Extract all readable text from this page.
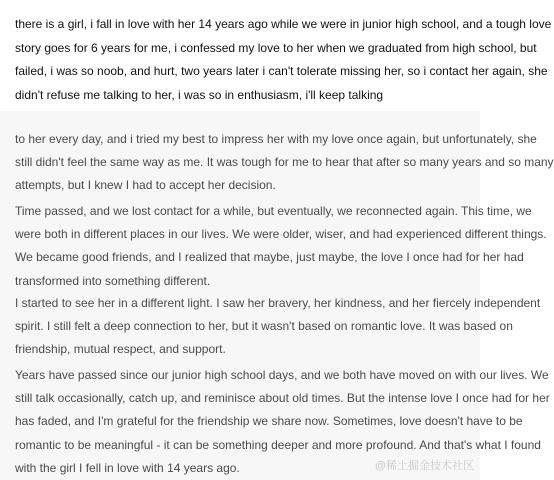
there is a girl, i fall in love with her 14 years ago while we were in junior high school, and a tough love
story goes for 6 years for me, i confessed my love to her when we graduated from high school, but
failed, i was so noob, and hurt, two years later i can't tolerate missing her, so i contact her again, she
didn't refuse me talking to her, i was so in enthusiasm, i'll keep talking

to her every day, and i tried my best to impress her with my love once again, but unfortunately, she
still didn't feel the same way as me. It was tough for me to hear that after so many years and so many
attempts, but I knew I had to accept her decision.

Time passed, and we lost contact for a while, but eventually, we reconnected again. This time, we
were both in different places in our lives. We were older, wiser, and had experienced different things.
We became good friends, and I realized that maybe, just maybe, the love I once had for her had
transformed into something different.

I started to see her in a different light. I saw her bravery, her kindness, and her fiercely independent
spirit. I still felt a deep connection to her, but it wasn't based on romantic love. It was based on
friendship, mutual respect, and support.

Years have passed since our junior high school days, and we both have moved on with our lives. We
still talk occasionally, catch up, and reminisce about old times. But the intense love I once had for her
has faded, and I'm grateful for the friendship we share now. Sometimes, love doesn't have to be
romantic to be meaningful - it can be something deeper and more profound. And that's what I found
with the girl I fell in love with 14 years ago.	@稀土掘金技术社区
